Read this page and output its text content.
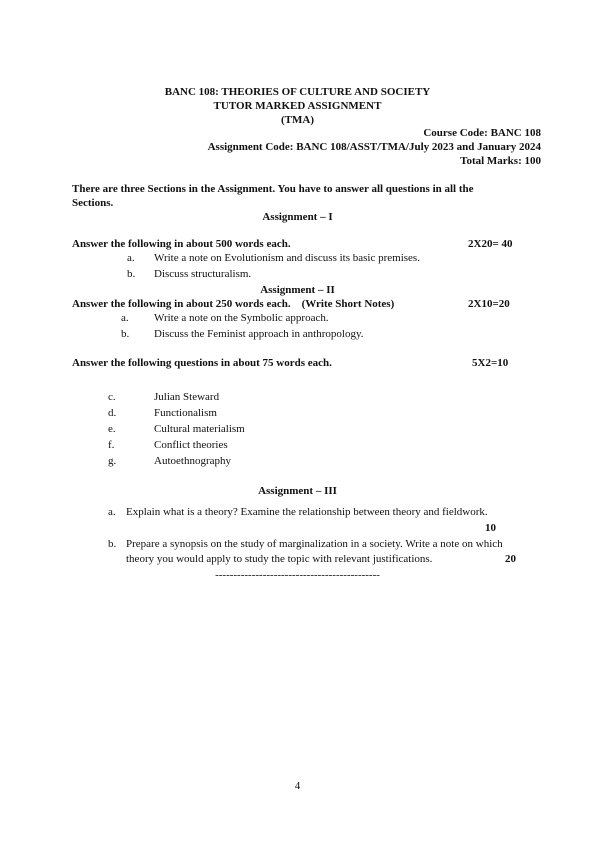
BANC 108: THEORIES OF CULTURE AND SOCIETY
TUTOR MARKED ASSIGNMENT
(TMA)
Course Code: BANC 108
Assignment Code: BANC 108/ASST/TMA/July 2023 and January 2024
Total Marks: 100
There are three Sections in the Assignment. You have to answer all questions in all the
Sections.
Assignment – I
Answer the following in about 500 words each.	2X20= 40
a. Write a note on Evolutionism and discuss its basic premises.
b. Discuss structuralism.
Assignment – II
Answer the following in about 250 words each.    (Write Short Notes)	2X10=20
a. Write a note on the Symbolic approach.
b. Discuss the Feminist approach in anthropology.
Answer the following questions in about 75 words each.	5X2=10
c.	Julian Steward
d.	Functionalism
e.	Cultural materialism
f.	Conflict theories
g.	Autoethnography
Assignment – III
a. Explain what is a theory? Examine the relationship between theory and fieldwork.
10
b. Prepare a synopsis on the study of marginalization in a society. Write a note on which
theory you would apply to study the topic with relevant justifications.	20
---------------------------------------------
4
